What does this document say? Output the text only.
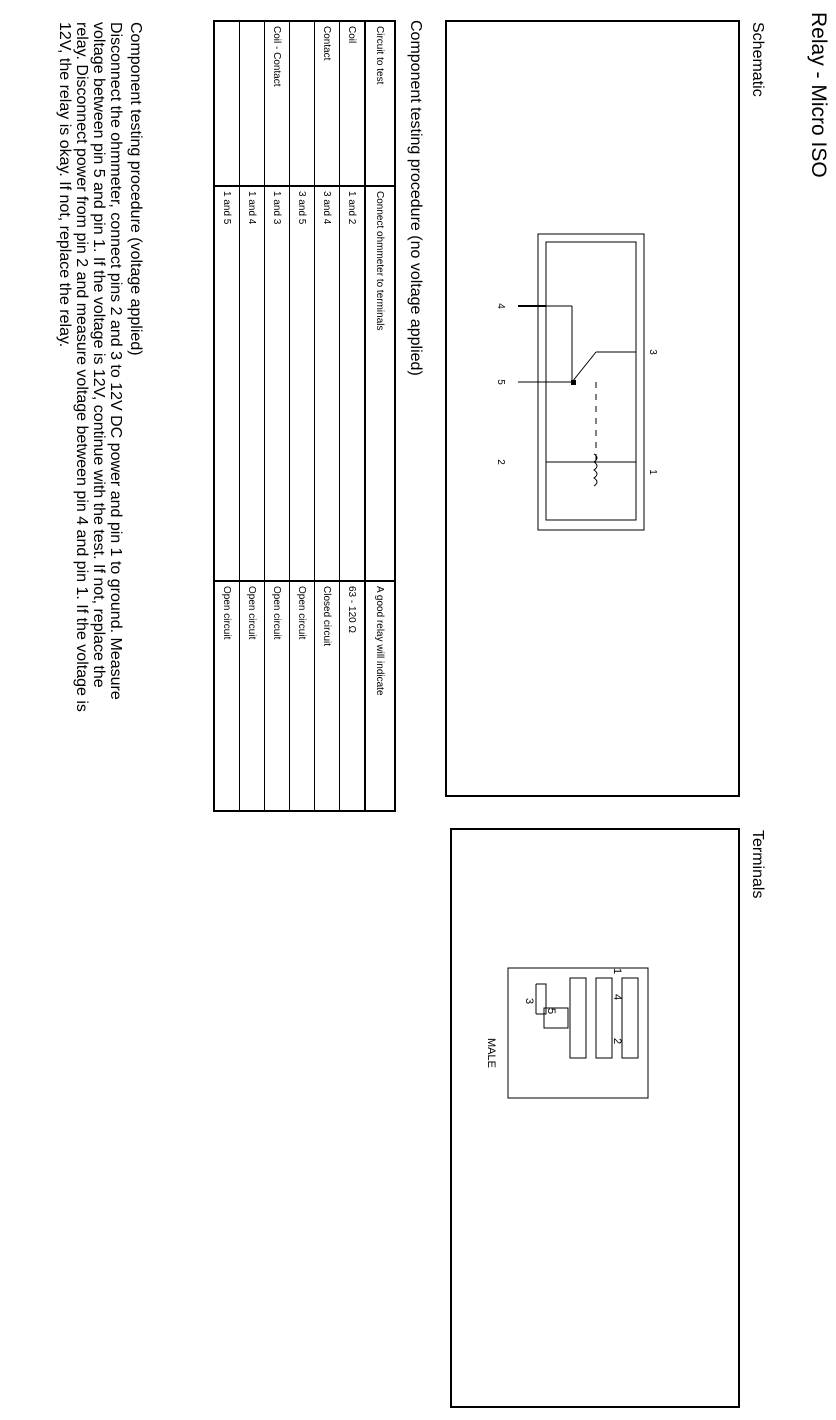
Relay - Micro ISO
Schematic
3
1
4
5
2
Terminals
1
4
2
5
3
MALE
Component testing procedure (no voltage applied)
Circuit to test	Connect ohmmeter to terminals	A good relay will indicate
Coil	1 and 2	63 - 120 Ω
Contact	3 and 4	Closed circuit
	3 and 5	Open circuit
Coil - Contact	1 and 3	Open circuit
	1 and 4	Open circuit
	1 and 5	Open circuit
Component testing procedure (voltage applied)
Disconnect the ohmmeter, connect pins 2 and 3 to 12V DC power and pin 1 to ground. Measure voltage between pin 5 and pin 1. If the voltage is 12V, continue with the test. If not, replace the relay. Disconnect power from pin 2 and measure voltage between pin 4 and pin 1. If the voltage is 12V, the relay is okay. If not, replace the relay.
